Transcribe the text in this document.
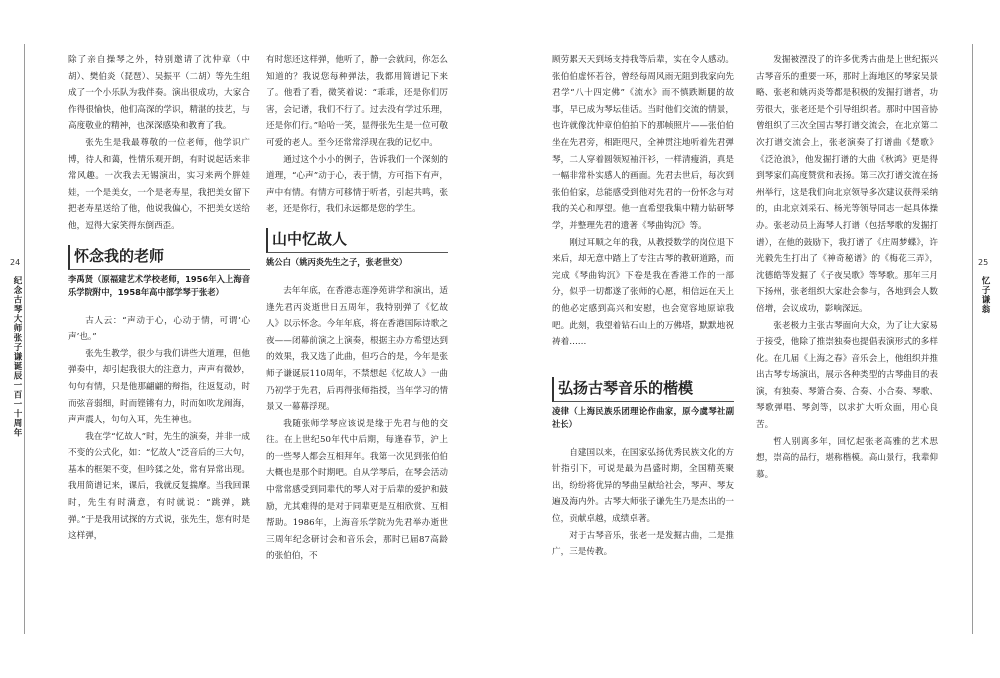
24
纪念古琴大师张子谦诞辰一百一十周年

除了亲自操琴之外，特别邀请了沈仲章（中胡）、樊伯炎（琵琶）、吴振平（二胡）等先生组成了一个小乐队为我伴奏。演出很成功，大家合作得很愉快，他们高深的学识，精湛的技艺，与高度敬业的精神，也深深感染和教育了我。

张先生是我最尊敬的一位老师，他学识广博，待人和蔼，性情乐观开朗，有时说起话来非常风趣。一次我去无锡演出，实习来两个胖娃娃，一个是美女，一个是老寿星，我把美女留下把老寿星送给了他，他说我偏心，不把美女送给他，逗得大家笑得东倒西歪。

怀念我的老师
李禹贤（原福建艺术学校老师，1956年入上海音乐学院附中，1958年高中部学琴于张老）

古人云：“声动于心，心动于情，可谓‘心声’也。”

张先生教学，很少与我们讲些大道理，但他弹奏中，却引起我很大的注意力，声声有微妙，句句有情，只是他那翩翩的辩指，往返复动，时而弦音弱细，时而铿锵有力，时而如吹龙闹海，声声震人，句句入耳，先生神也。

我在学“忆故人”时，先生的演奏，并非一成不变的公式化，如：“忆故人”泛音后的三大句，基本的框架不变，但吟猱之处，常有异常出现。我用简谱记来，课后，我就反复揣摩。当我回课时，先生有时满意，有时就说：“跳弹，跳弹。”于是我用试探的方式说，张先生，您有时是这样弹，

有时您还这样弹，他听了，静一会就问，你怎么知道的？我说您每种弹法，我都用简谱记下来了。他看了看，微笑着说：“乖乖，还是你们厉害，会记谱，我们不行了。过去没有学过乐理，还是你们行。”哈哈一笑，显得张先生是一位可敬可爱的老人。至今还常常浮现在我的记忆中。

通过这个小小的例子，告诉我们一个深刻的道理，“心声”动于心，表于情，方可指下有声，声中有情。有情方可移情于听者，引起共鸣，张老，还是你行，我们永远都是您的学生。

山中忆故人
姚公白（姚丙炎先生之子，张老世交）

去年年底，在香港志莲净苑讲学和演出，适逢先君丙炎逝世日五周年，我特别弹了《忆故人》以示怀念。今年年底，将在香港国际诗歌之夜——闭幕前演之上演奏，根据主办方希望达到的效果，我又选了此曲，但巧合的是，今年是张师子谦诞辰110周年，不禁想起《忆故人》一曲乃初学于先君，后再得张师指授，当年学习的情景又一幕幕浮现。

我随张师学琴应该说是缘于先君与他的交往。在上世纪50年代中后期，每逢春节，沪上的一些琴人都会互相拜年。我第一次见到张伯伯大概也是那个时期吧。自从学琴后，在琴会活动中常常感受到同辈代的琴人对于后辈的爱护和鼓励，尤其难得的是对于同辈更是互相欣赏、互相帮助。1986年，上海音乐学院为先君举办逝世三周年纪念研讨会和音乐会，那时已届87高龄的张伯伯，不

25
忆子谦翁

顾劳累天天到场支持我等后辈，实在令人感动。张伯伯虚怀若谷，曾经每周风雨无阻到我家向先君学“八十四定佛”《流水》而不慎跌断腿的故事，早已成为琴坛佳话。当时他们交流的情景，也许就像沈仲章伯伯拍下的那帧照片——张伯伯坐在先君旁，相距咫尺，全神贯注地听着先君弹琴，二人穿着圆领短袖汗衫，一样清瘦消，真是一幅非常朴实感人的画面。先君去世后，每次到张伯伯家，总能感受到他对先君的一份怀念与对我的关心和厚望。他一直希望我集中精力钻研琴学，并整理先君的遗著《琴曲钩沉》等。

刚过耳顺之年的我，从教授数学的岗位退下来后，却无意中踏上了专注古琴的教研道路，而完成《琴曲钩沉》下卷是我在香港工作的一部分，似乎一切都遂了张师的心愿，相信远在天上的他必定感到高兴和安慰，也会宽容地原谅我吧。此刻，我望着钻石山上的万佛塔，默默地祝祷着……

弘扬古琴音乐的楷模
凌律（上海民族乐团理论作曲家，原今虞琴社副社长）

自建国以来，在国家弘扬优秀民族文化的方针指引下，可说是最为昌盛时期，全国精英聚出，纷纷将优异的琴曲呈献给社会，琴声、琴友遍及海内外。古琴大师张子谦先生乃是杰出的一位，贡献卓越，成绩卓著。

对于古琴音乐，张老一是发掘古曲，二是推广，三是传教。

发掘被湮没了的许多优秀古曲是上世纪振兴古琴音乐的重要一环，那时上海地区的琴家吴景略、张老和姚丙炎等都是积极的发掘打谱者，功劳很大，张老还是个引导组织者。那时中国音协曾组织了三次全国古琴打谱交流会，在北京第二次打谱交流会上，张老演奏了打谱曲《楚歌》《泛沧浪》，他发掘打谱的大曲《秋鸿》更是得到琴家们高度赞赏和表扬。第三次打谱交流在扬州举行，这是我们向北京领导多次建议获得采纳的，由北京刘采石、杨光等领导同志一起具体操办。张老动员上海琴人打谱（包括琴歌的发掘打谱），在他的鼓励下，我打谱了《庄周梦蝶》，许光毅先生打出了《神奇秘谱》的《梅花三弄》，沈德皓等发掘了《子夜吴歌》等琴歌。那年三月下扬州，张老组织大家赴会参与，各地到会人数倍增，会议成功，影响深远。

张老极力主张古琴面向大众，为了让大家易于接受，他除了推崇独奏也提倡表演形式的多样化。在几届《上海之春》音乐会上，他组织并推出古琴专场演出，展示各种类型的古琴曲目的表演，有独奏、琴箫合奏、合奏、小合奏、琴歌、琴歌弹唱、琴剑等，以求扩大听众面，用心良苦。

哲人别离多年，回忆起张老高雅的艺术思想，崇高的品行，堪称楷模。高山景行，我辈仰慕。
